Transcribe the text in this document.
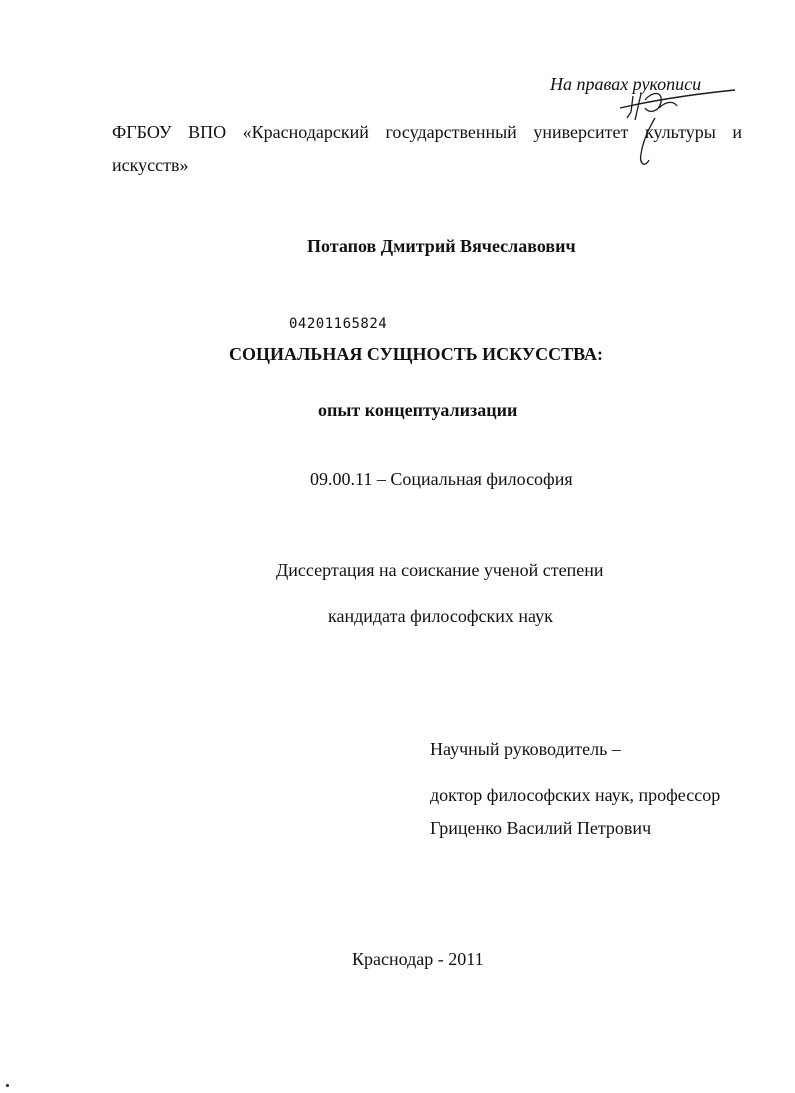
На правах рукописи
ФГБОУ ВПО «Краснодарский государственный университет культуры и
искусств»
Потапов Дмитрий Вячеславович
04201165824
СОЦИАЛЬНАЯ СУЩНОСТЬ ИСКУССТВА:
опыт концептуализации
09.00.11 – Социальная философия
Диссертация на соискание ученой степени
кандидата философских наук
Научный руководитель –
доктор философских наук, профессор
Гриценко Василий Петрович
Краснодар - 2011
